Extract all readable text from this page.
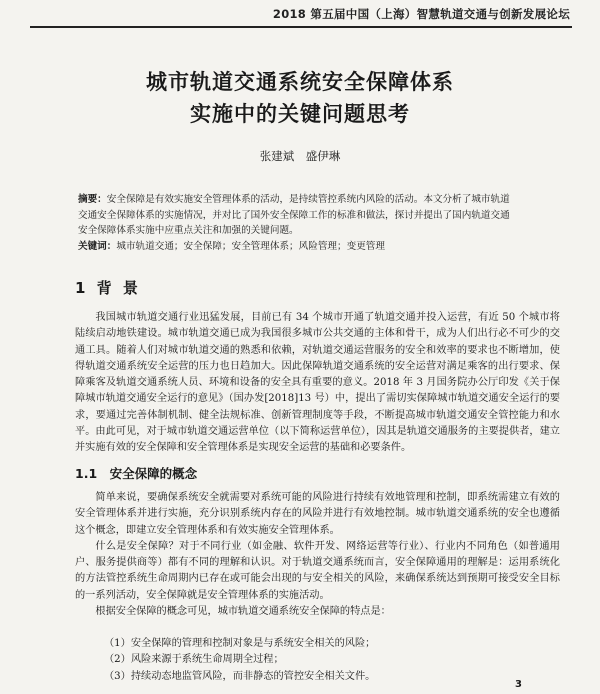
2018 第五届中国（上海）智慧轨道交通与创新发展论坛
城市轨道交通系统安全保障体系
实施中的关键问题思考
张建斌　盛伊琳

摘要：安全保障是有效实施安全管理体系的活动，是持续管控系统内风险的活动。本文分析了城市轨道交通安全保障体系的实施情况，并对比了国外安全保障工作的标准和做法，探讨并提出了国内轨道交通安全保障体系实施中应重点关注和加强的关键问题。

关键词：城市轨道交通；安全保障；安全管理体系；风险管理；变更管理

1 背 景

我国城市轨道交通行业迅猛发展，目前已有 34 个城市开通了轨道交通并投入运营，有近 50 个城市将陆续启动地铁建设。城市轨道交通已成为我国很多城市公共交通的主体和骨干，成为人们出行必不可少的交通工具。随着人们对城市轨道交通的熟悉和依赖，对轨道交通运营服务的安全和效率的要求也不断增加，使得轨道交通系统安全运营的压力也日趋加大。因此保障轨道交通系统的安全运营对满足乘客的出行要求、保障乘客及轨道交通系统人员、环境和设备的安全具有重要的意义。2018 年 3 月国务院办公厅印发《关于保障城市轨道交通安全运行的意见》（国办发[2018]13 号）中，提出了需切实保障城市轨道交通安全运行的要求，要通过完善体制机制、健全法规标准、创新管理制度等手段，不断提高城市轨道交通安全管控能力和水平。由此可见，对于城市轨道交通运营单位（以下简称运营单位），因其是轨道交通服务的主要提供者，建立并实施有效的安全保障和安全管理体系是实现安全运营的基础和必要条件。

1.1　安全保障的概念

简单来说，要确保系统安全就需要对系统可能的风险进行持续有效地管理和控制，即系统需建立有效的安全管理体系并进行实施，充分识别系统内存在的风险并进行有效地控制。城市轨道交通系统的安全也遵循这个概念，即建立安全管理体系和有效实施安全管理体系。

什么是安全保障？对于不同行业（如金融、软件开发、网络运营等行业）、行业内不同角色（如普通用户、服务提供商等）都有不同的理解和认识。对于轨道交通系统而言，安全保障通用的理解是：运用系统化的方法管控系统生命周期内已存在或可能会出现的与安全相关的风险，来确保系统达到预期可接受安全目标的一系列活动，安全保障就是安全管理体系的实施活动。

根据安全保障的概念可见，城市轨道交通系统安全保障的特点是：

（1）安全保障的管理和控制对象是与系统安全相关的风险；
（2）风险来源于系统生命周期全过程；
（3）持续动态地监管风险，而非静态的管控安全相关文件。
3
